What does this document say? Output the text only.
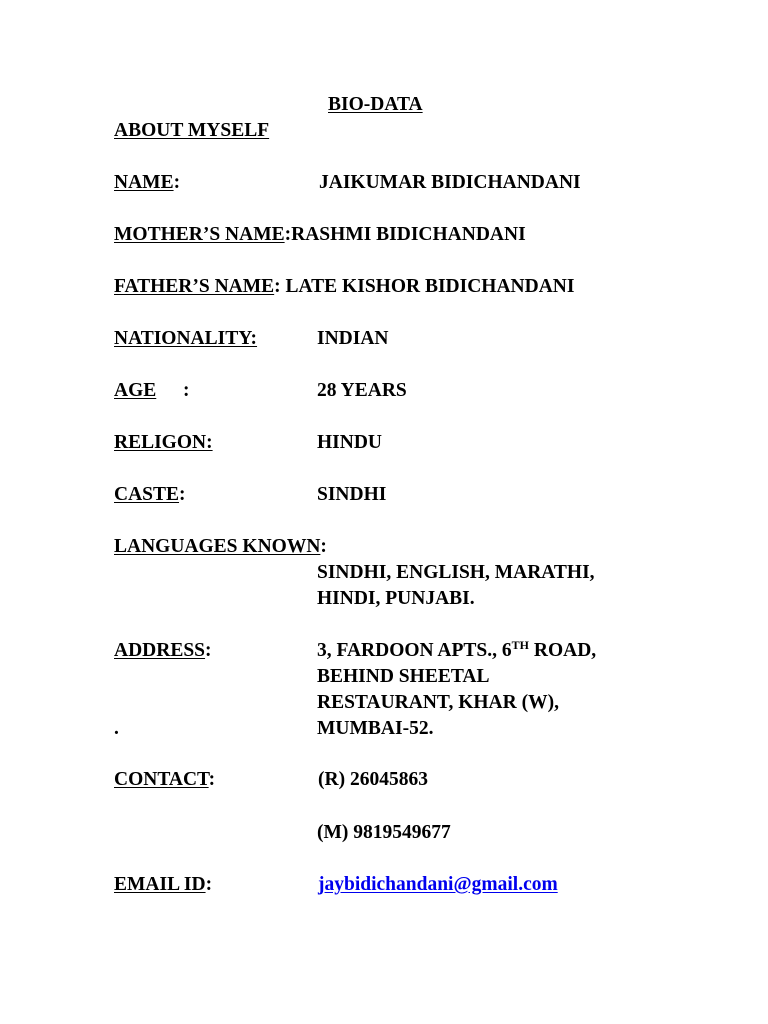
BIO-DATA
ABOUT MYSELF
NAME:	JAIKUMAR BIDICHANDANI
MOTHER’S NAME:RASHMI BIDICHANDANI
FATHER’S NAME: LATE KISHOR BIDICHANDANI
NATIONALITY:	INDIAN
AGE :	28 YEARS
RELIGON:	HINDU
CASTE:	SINDHI
LANGUAGES KNOWN:
SINDHI, ENGLISH, MARATHI,
HINDI, PUNJABI.
ADDRESS:	3, FARDOON APTS., 6TH ROAD,
BEHIND SHEETAL
RESTAURANT, KHAR (W),
.	MUMBAI-52.
CONTACT:	(R) 26045863
(M) 9819549677
EMAIL ID:	jaybidichandani@gmail.com
